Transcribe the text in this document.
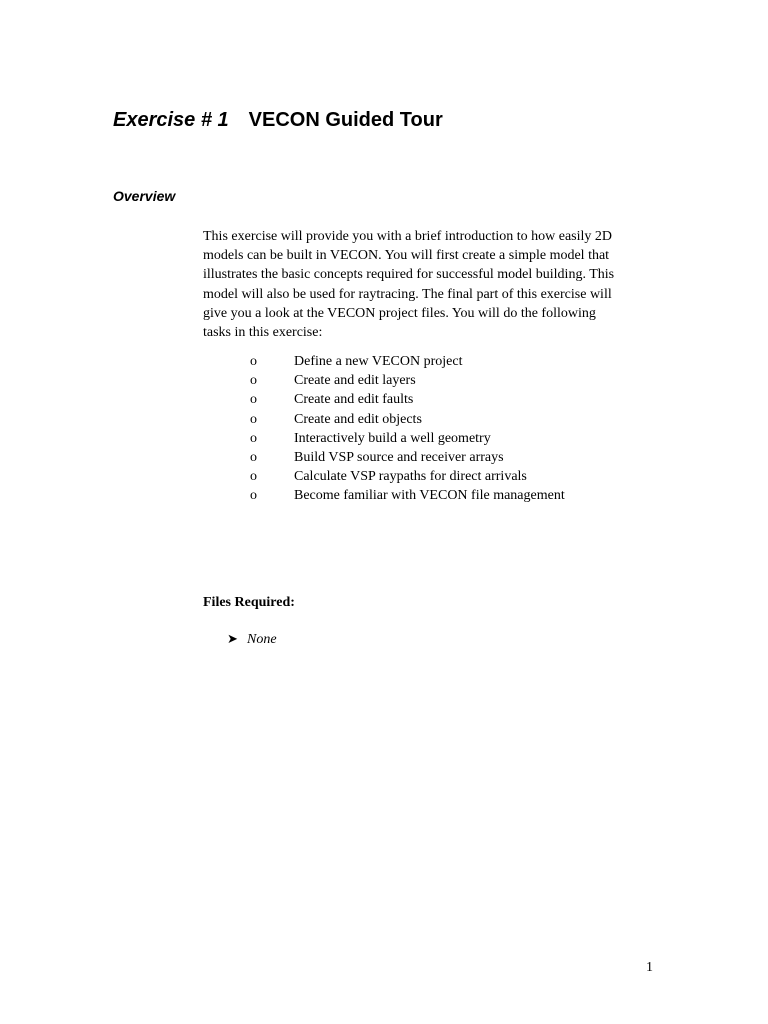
Exercise # 1 VECON Guided Tour
Overview
This exercise will provide you with a brief introduction to how easily 2D
models can be built in VECON. You will first create a simple model that
illustrates the basic concepts required for successful model building. This
model will also be used for raytracing. The final part of this exercise will
give you a look at the VECON project files. You will do the following
tasks in this exercise:
o	Define a new VECON project
o	Create and edit layers
o	Create and edit faults
o	Create and edit objects
o	Interactively build a well geometry
o	Build VSP source and receiver arrays
o	Calculate VSP raypaths for direct arrivals
o	Become familiar with VECON file management
Files Required:
➤ None
1
